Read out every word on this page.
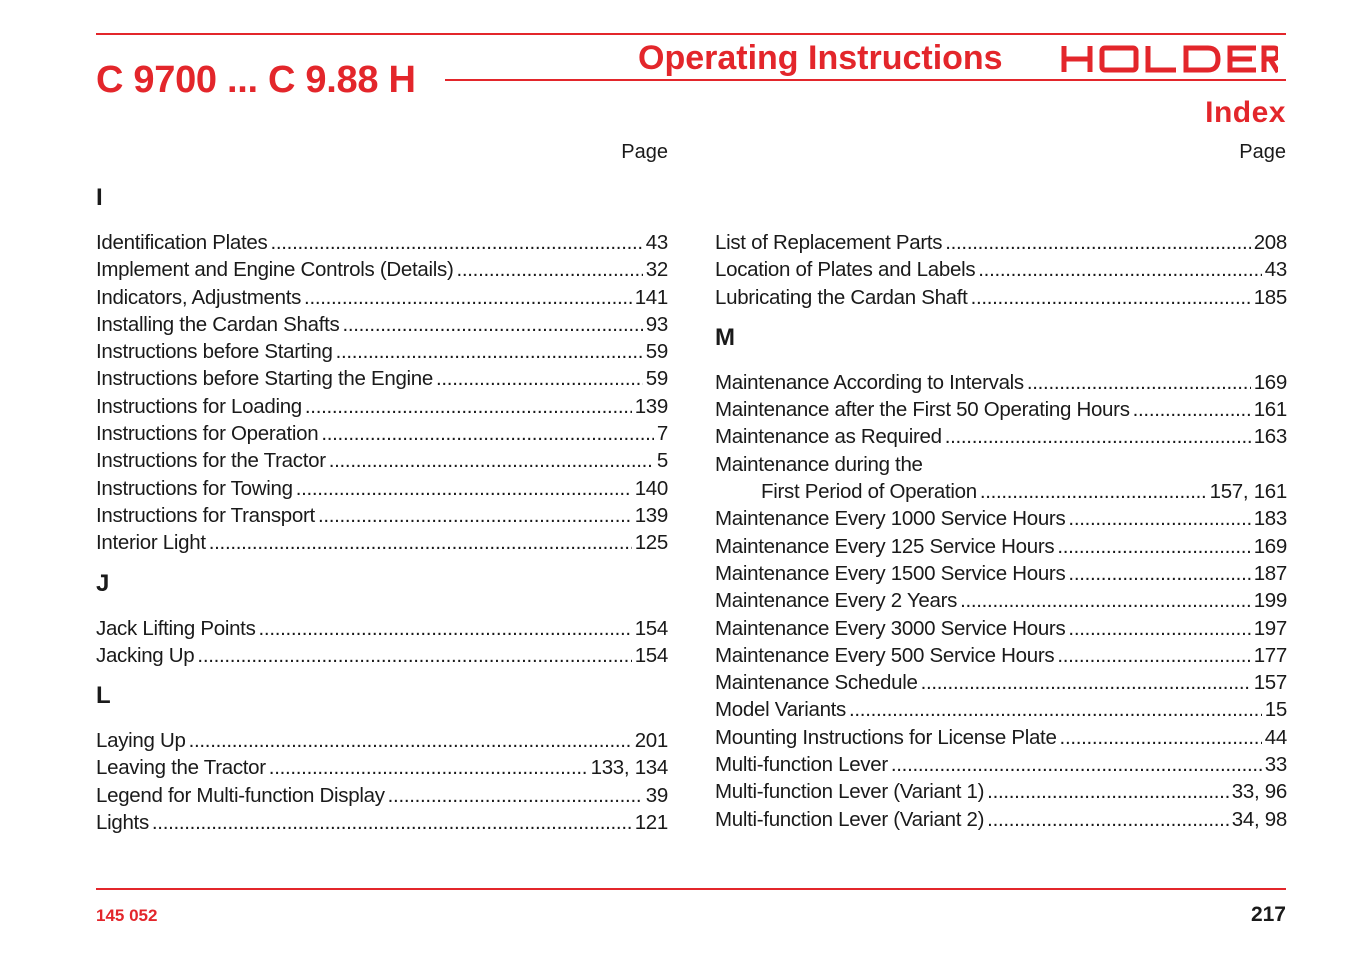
C 9700 ... C 9.88 H
Operating Instructions
Index
Page	Page
I
Identification Plates .....	43
Implement and Engine Controls (Details) .....	32
Indicators, Adjustments .....	141
Installing the Cardan Shafts .....	93
Instructions before Starting .....	59
Instructions before Starting the Engine .....	59
Instructions for Loading .....	139
Instructions for Operation .....	7
Instructions for the Tractor .....	5
Instructions for Towing .....	140
Instructions for Transport .....	139
Interior Light .....	125
J
Jack Lifting Points .....	154
Jacking Up .....	154
L
Laying Up .....	201
Leaving the Tractor .....	133, 134
Legend for Multi-function Display .....	39
Lights .....	121
List of Replacement Parts .....	208
Location of Plates and Labels .....	43
Lubricating the Cardan Shaft .....	185
M
Maintenance According to Intervals .....	169
Maintenance after the First 50 Operating Hours .....	161
Maintenance as Required .....	163
Maintenance during the
First Period of Operation .....	157, 161
Maintenance Every 1000 Service Hours .....	183
Maintenance Every 125 Service Hours .....	169
Maintenance Every 1500 Service Hours .....	187
Maintenance Every 2 Years .....	199
Maintenance Every 3000 Service Hours .....	197
Maintenance Every 500 Service Hours .....	177
Maintenance Schedule .....	157
Model Variants .....	15
Mounting Instructions for License Plate .....	44
Multi-function Lever .....	33
Multi-function Lever (Variant 1) .....	33, 96
Multi-function Lever (Variant 2) .....	34, 98
145 052	217
